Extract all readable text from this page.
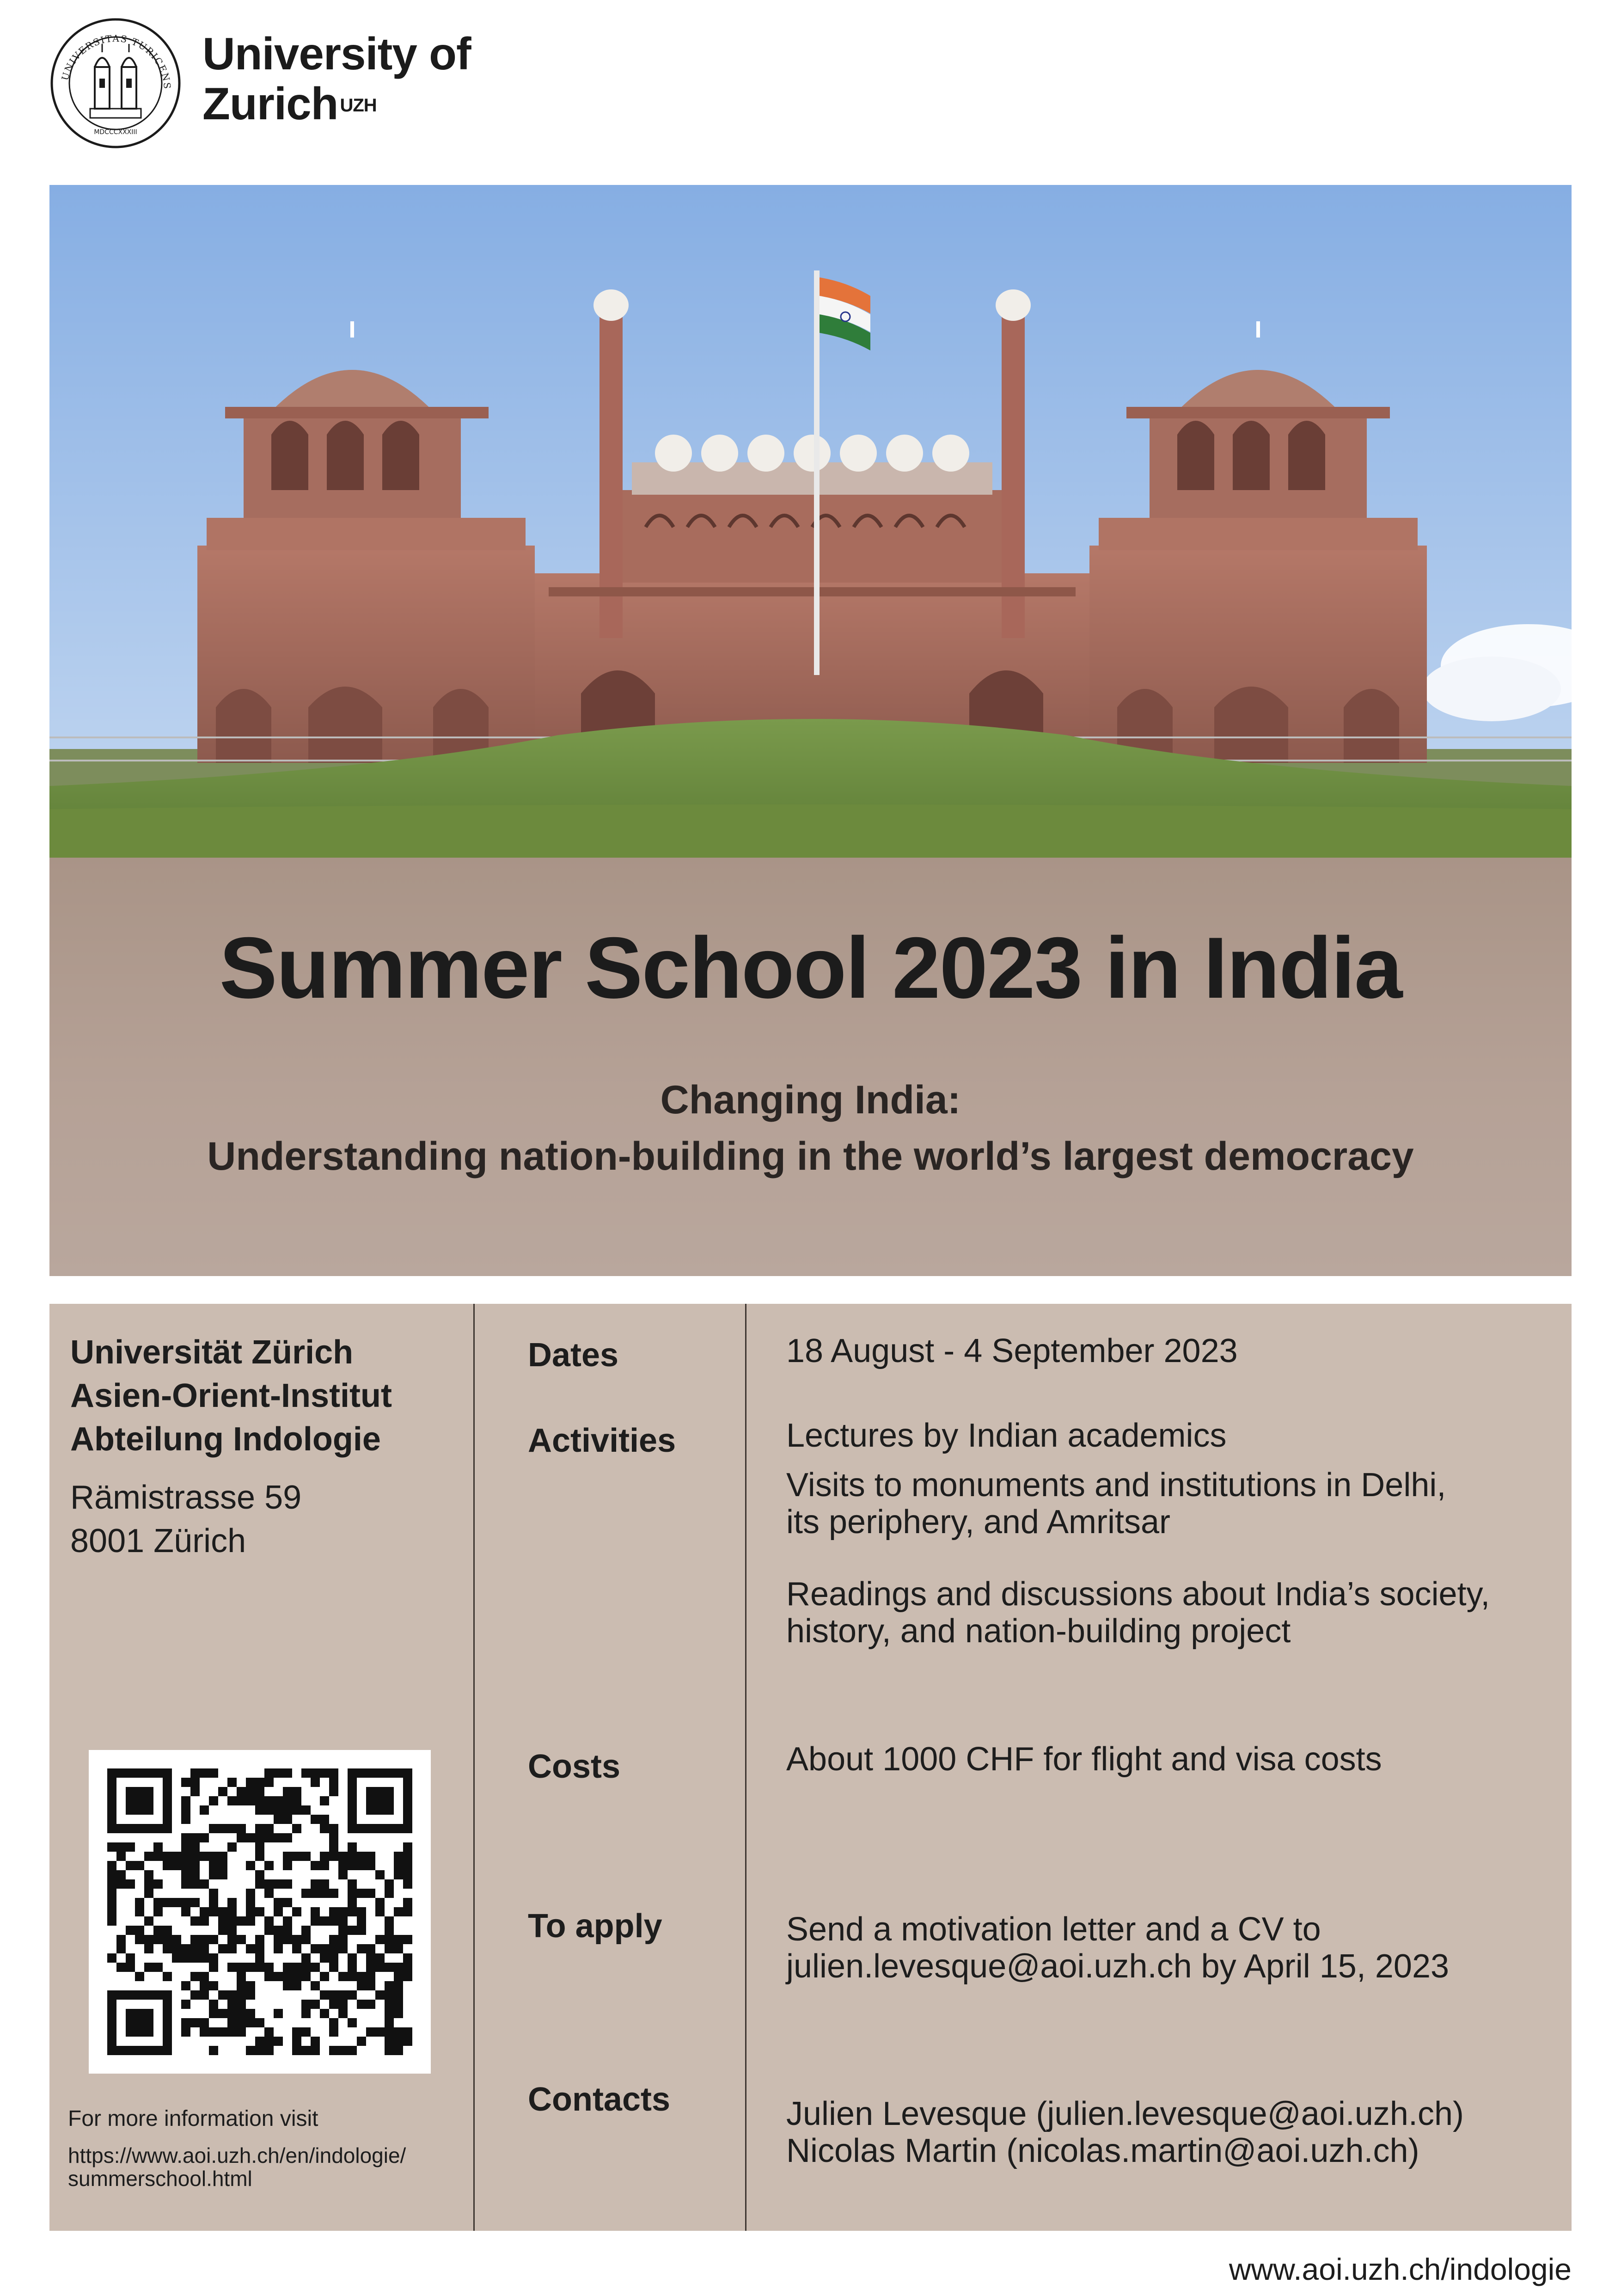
MDCCCXXXIII
UNIVERSITAS TURICENS
University of
Zurich $^{UZH}$
Summer School 2023 in India
Changing India:
Understanding nation-building in the world’s largest democracy
Universität Zürich
Asien-Orient-Institut
Abteilung Indologie
Rämistrasse 59
8001 Zürich
For more information visit
https://www.aoi.uzh.ch/en/indologie/
summerschool.html
Dates
Activities
Costs
To apply
Contacts
18 August - 4 September 2023
Lectures by Indian academics
Visits to monuments and institutions in Delhi,
its periphery, and Amritsar
Readings and discussions about India’s society,
history, and nation-building project
About 1000 CHF for flight and visa costs
Send a motivation letter and a CV to
julien.levesque@aoi.uzh.ch by April 15, 2023
Julien Levesque (julien.levesque@aoi.uzh.ch)
Nicolas Martin (nicolas.martin@aoi.uzh.ch)
www.aoi.uzh.ch/indologie
